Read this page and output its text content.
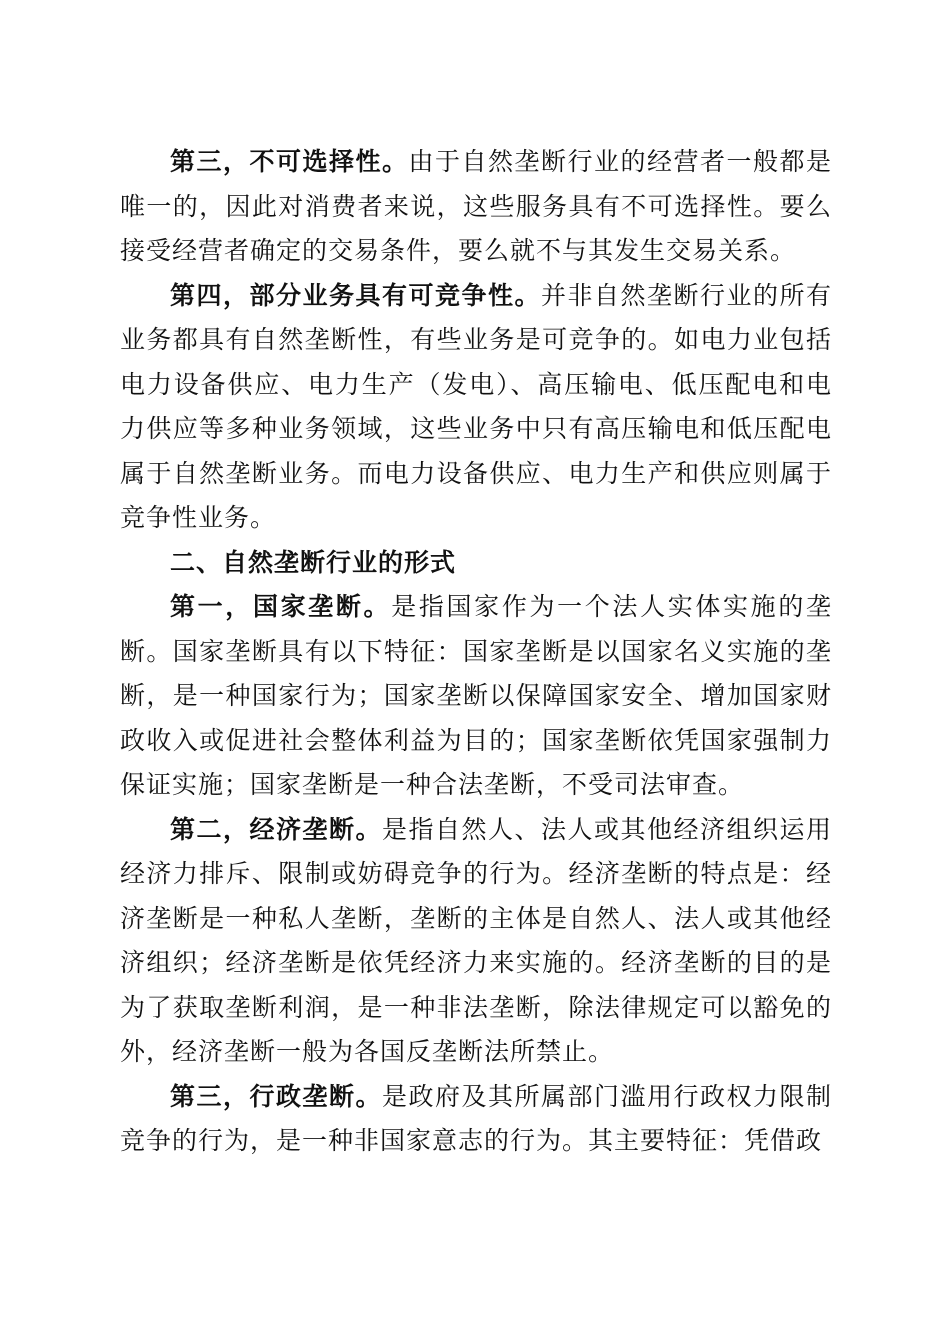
第三，不可选择性。由于自然垄断行业的经营者一般都是唯一的，因此对消费者来说，这些服务具有不可选择性。要么接受经营者确定的交易条件，要么就不与其发生交易关系。

第四，部分业务具有可竞争性。并非自然垄断行业的所有业务都具有自然垄断性，有些业务是可竞争的。如电力业包括电力设备供应、电力生产（发电）、高压输电、低压配电和电力供应等多种业务领域，这些业务中只有高压输电和低压配电属于自然垄断业务。而电力设备供应、电力生产和供应则属于竞争性业务。

二、自然垄断行业的形式

第一，国家垄断。是指国家作为一个法人实体实施的垄断。国家垄断具有以下特征：国家垄断是以国家名义实施的垄断，是一种国家行为；国家垄断以保障国家安全、增加国家财政收入或促进社会整体利益为目的；国家垄断依凭国家强制力保证实施；国家垄断是一种合法垄断，不受司法审查。

第二，经济垄断。是指自然人、法人或其他经济组织运用经济力排斥、限制或妨碍竞争的行为。经济垄断的特点是：经济垄断是一种私人垄断，垄断的主体是自然人、法人或其他经济组织；经济垄断是依凭经济力来实施的。经济垄断的目的是为了获取垄断利润，是一种非法垄断，除法律规定可以豁免的外，经济垄断一般为各国反垄断法所禁止。

第三，行政垄断。是政府及其所属部门滥用行政权力限制竞争的行为，是一种非国家意志的行为。其主要特征：凭借政
